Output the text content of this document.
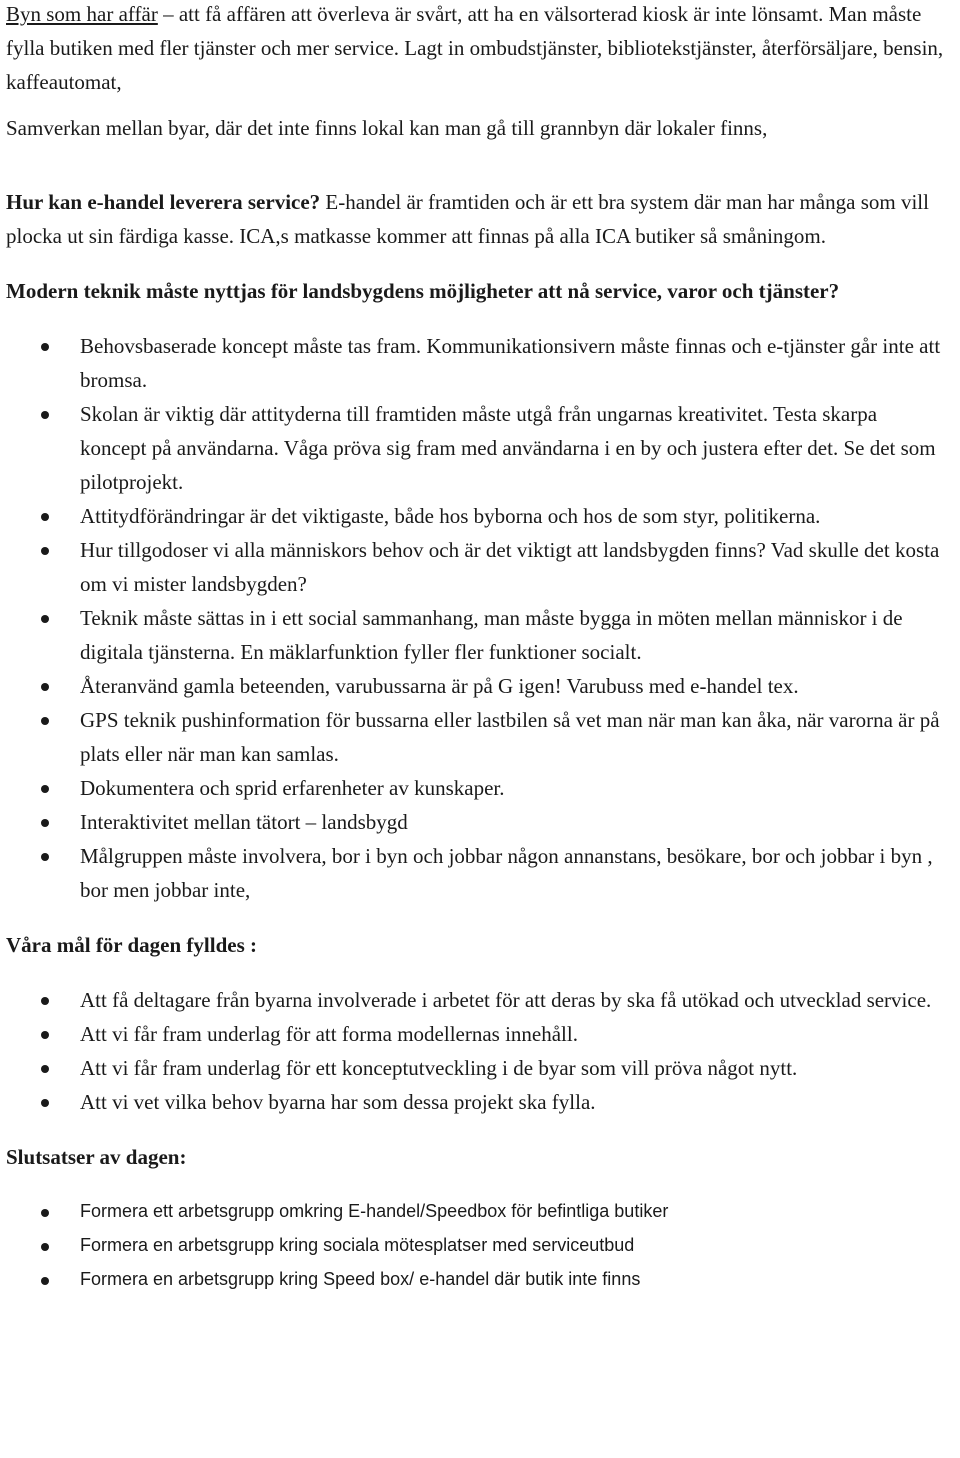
Byn som har affär – att få affären att överleva är svårt, att ha en välsorterad kiosk är inte lönsamt. Man måste fylla butiken med fler tjänster och mer service. Lagt in ombudstjänster, bibliotekstjänster, återförsäljare, bensin, kaffeautomat,

Samverkan mellan byar, där det inte finns lokal kan man gå till grannbyn där lokaler finns,

Hur kan e-handel leverera service? E-handel är framtiden och är ett bra system där man har många som vill plocka ut sin färdiga kasse. ICA,s matkasse kommer att finnas på alla ICA butiker så småningom.

Modern teknik måste nyttjas för landsbygdens möjligheter att nå service, varor och tjänster?

Behovsbaserade koncept måste tas fram. Kommunikationsivern måste finnas och e-tjänster går inte att bromsa.
Skolan är viktig där attityderna till framtiden måste utgå från ungarnas kreativitet. Testa skarpa koncept på användarna. Våga pröva sig fram med användarna i en by och justera efter det. Se det som pilotprojekt.
Attitydförändringar är det viktigaste, både hos byborna och hos de som styr, politikerna.
Hur tillgodoser vi alla människors behov och är det viktigt att landsbygden finns? Vad skulle det kosta om vi mister landsbygden?
Teknik måste sättas in i ett social sammanhang, man måste bygga in möten mellan människor i de digitala tjänsterna. En mäklarfunktion fyller fler funktioner socialt.
Återanvänd gamla beteenden, varubussarna är på G igen! Varubuss med e-handel tex.
GPS teknik pushinformation för bussarna eller lastbilen så vet man när man kan åka, när varorna är på plats eller när man kan samlas.
Dokumentera och sprid erfarenheter av kunskaper.
Interaktivitet mellan tätort – landsbygd
Målgruppen måste involvera, bor i byn och jobbar någon annanstans, besökare, bor och jobbar i byn , bor men jobbar inte,

Våra mål för dagen fylldes :

Att få deltagare från byarna involverade i arbetet för att deras by ska få utökad och utvecklad service.
Att vi får fram underlag för att forma modellernas innehåll.
Att vi får fram underlag för ett konceptutveckling i de byar som vill pröva något nytt.
Att vi vet vilka behov byarna har som dessa projekt ska fylla.

Slutsatser av dagen:

Formera ett arbetsgrupp omkring E-handel/Speedbox för befintliga butiker
Formera en arbetsgrupp kring sociala mötesplatser med serviceutbud
Formera en arbetsgrupp kring Speed box/ e-handel där butik inte finns
